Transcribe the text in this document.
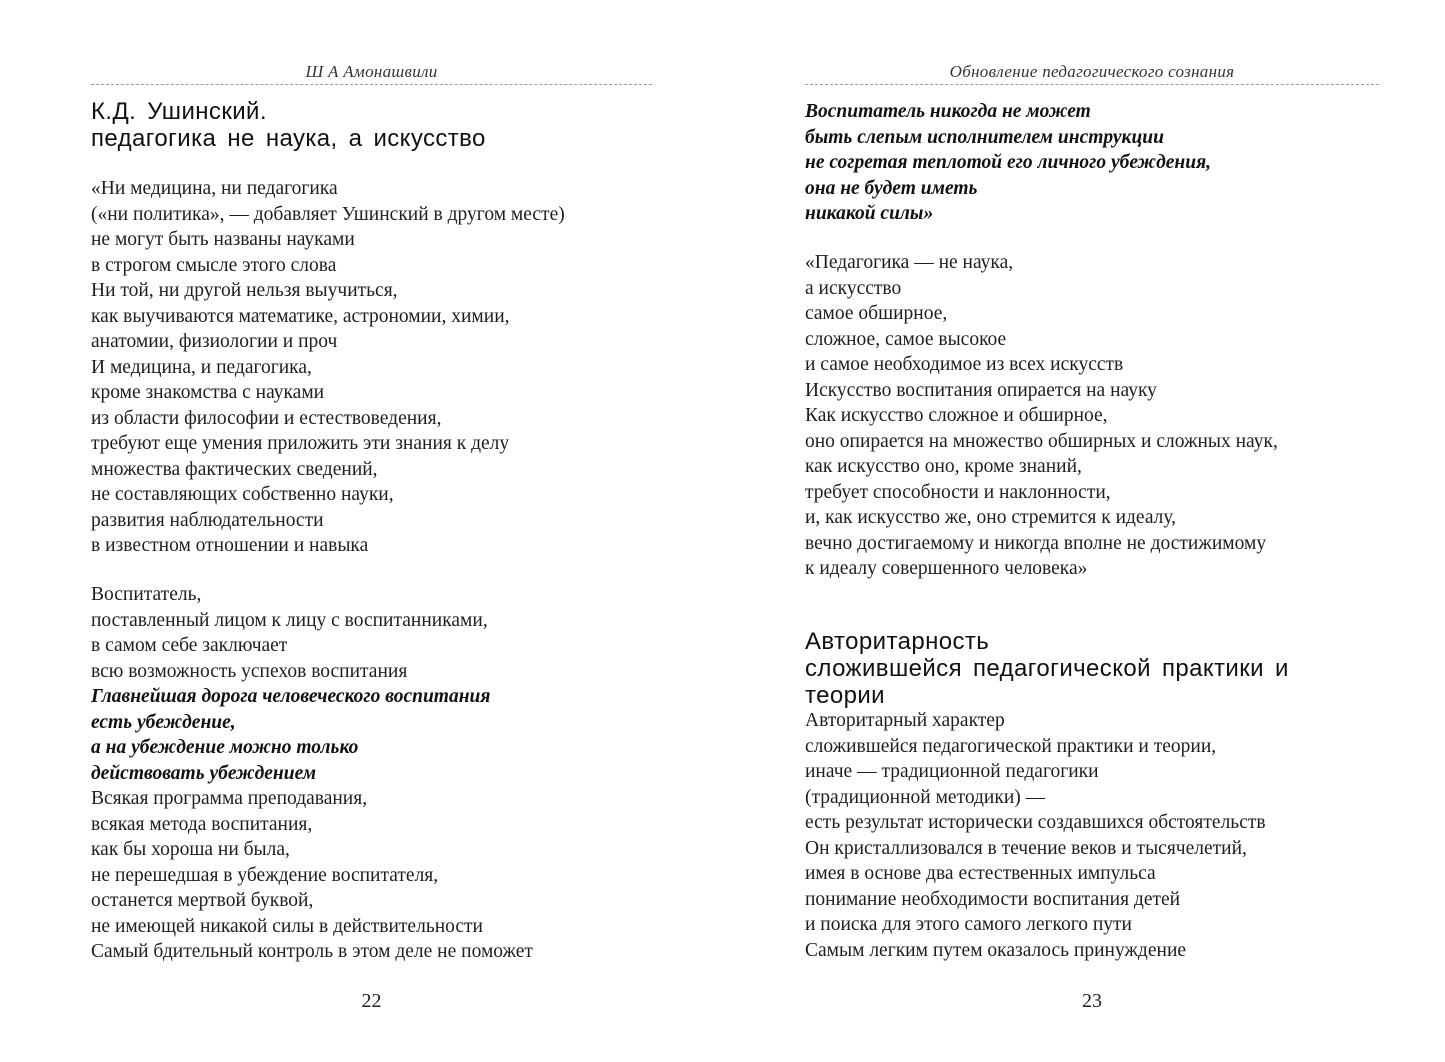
Ш А Амонашвили
К.Д. Ушинский.
педагогика не наука, а искусство
«Ни медицина, ни педагогика
(«ни политика», — добавляет Ушинский в другом месте)
не могут быть названы науками
в строгом смысле этого слова
Ни той, ни другой нельзя выучиться,
как выучиваются математике, астрономии, химии,
анатомии, физиологии и проч
И медицина, и педагогика,
кроме знакомства с науками
из области философии и естествоведения,
требуют еще умения приложить эти знания к делу
множества фактических сведений,
не составляющих собственно науки,
развития наблюдательности
в известном отношении и навыка
Воспитатель,
поставленный лицом к лицу с воспитанниками,
в самом себе заключает
всю возможность успехов воспитания
Главнейшая дорога человеческого воспитания
есть убеждение,
а на убеждение можно только
действовать убеждением
Всякая программа преподавания,
всякая метода воспитания,
как бы хороша ни была,
не перешедшая в убеждение воспитателя,
останется мертвой буквой,
не имеющей никакой силы в действительности
Самый бдительный контроль в этом деле не поможет
22
Обновление педагогического сознания
Воспитатель никогда не может
быть слепым исполнителем инструкции
не согретая теплотой его личного убеждения,
она не будет иметь
никакой силы»
«Педагогика — не наука,
а искусство
самое обширное,
сложное, самое высокое
и самое необходимое из всех искусств
Искусство воспитания опирается на науку
Как искусство сложное и обширное,
оно опирается на множество обширных и сложных наук,
как искусство оно, кроме знаний,
требует способности и наклонности,
и, как искусство же, оно стремится к идеалу,
вечно достигаемому и никогда вполне не достижимому
к идеалу совершенного человека»
Авторитарность
сложившейся педагогической практики и теории
Авторитарный характер
сложившейся педагогической практики и теории,
иначе — традиционной педагогики
(традиционной методики) —
есть результат исторически создавшихся обстоятельств
Он кристаллизовался в течение веков и тысячелетий,
имея в основе два естественных импульса
понимание необходимости воспитания детей
и поиска для этого самого легкого пути
Самым легким путем оказалось принуждение
23
